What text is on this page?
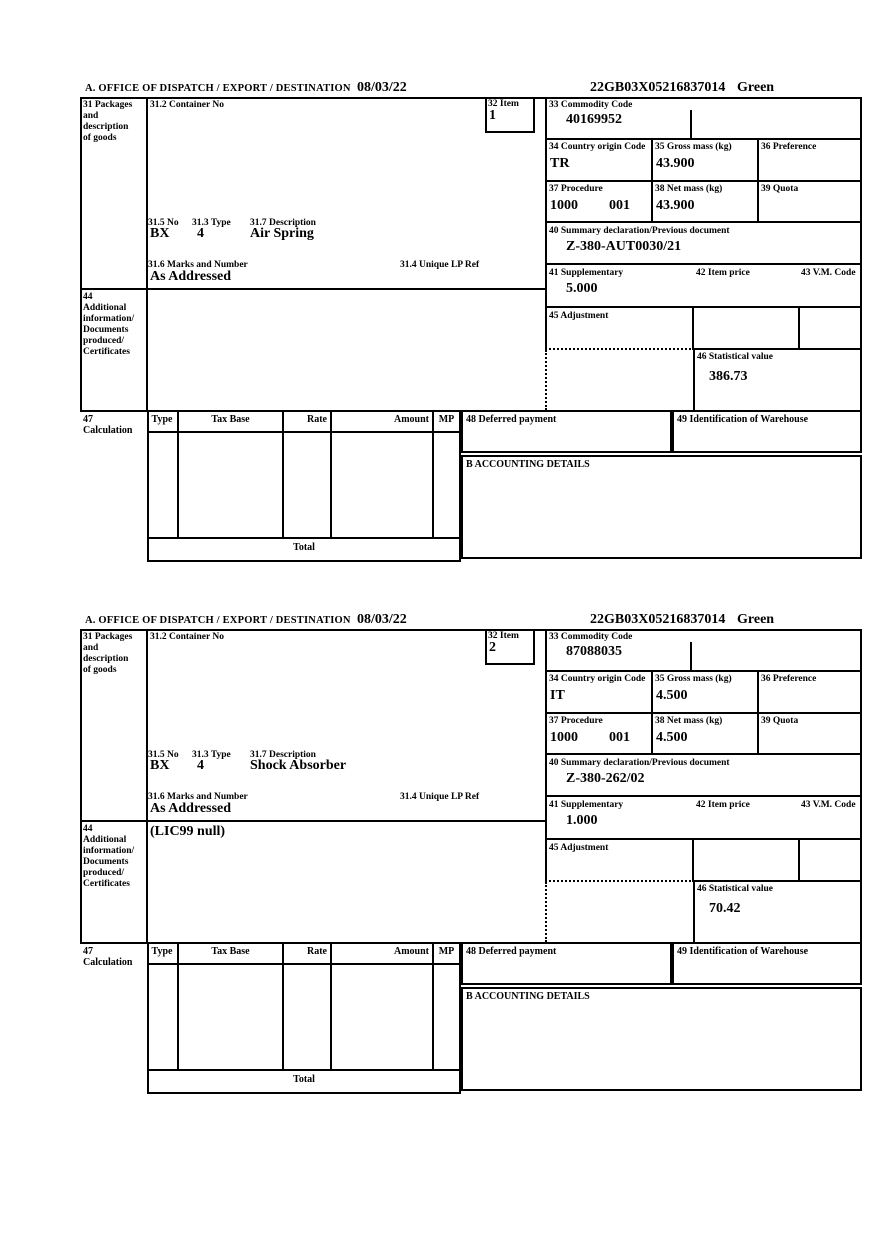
A. OFFICE OF DISPATCH / EXPORT / DESTINATION 08/03/22	22GB03X05216837014 Green
31 Packages
and
description
of goods
44
Additional
information/
Documents
produced/
Certificates
47
Calculation
31.2 Container No
31.5 No 31.3 Type 31.7 Description
BX 4	Air Spring
31.6 Marks and Number	31.4 Unique LP Ref
As Addressed
32 Item
1
33 Commodity Code
40169952
34 Country origin Code
TR
35 Gross mass (kg)
43.900
36 Preference
37 Procedure
1000 001
38 Net mass (kg)
43.900
39 Quota
40 Summary declaration/Previous document
Z-380-AUT0030/21
41 Supplementary
5.000
42 Item price	43 V.M. Code
45 Adjustment
46 Statistical value
386.73
Type	Tax Base	Rate	Amount MP
Total
48 Deferred payment	49 Identification of Warehouse
B ACCOUNTING DETAILS
A. OFFICE OF DISPATCH / EXPORT / DESTINATION 08/03/22	22GB03X05216837014 Green
31 Packages
and
description
of goods
44
Additional
information/
Documents
produced/
Certificates
47
Calculation
31.2 Container No
31.5 No 31.3 Type 31.7 Description
BX 4	Shock Absorber
31.6 Marks and Number	31.4 Unique LP Ref
As Addressed
(LIC99 null)
32 Item
2
33 Commodity Code
87088035
34 Country origin Code
IT
35 Gross mass (kg)
4.500
36 Preference
37 Procedure
1000 001
38 Net mass (kg)
4.500
39 Quota
40 Summary declaration/Previous document
Z-380-262/02
41 Supplementary
1.000
42 Item price	43 V.M. Code
45 Adjustment
46 Statistical value
70.42
Type	Tax Base	Rate	Amount MP
Total
48 Deferred payment	49 Identification of Warehouse
B ACCOUNTING DETAILS
